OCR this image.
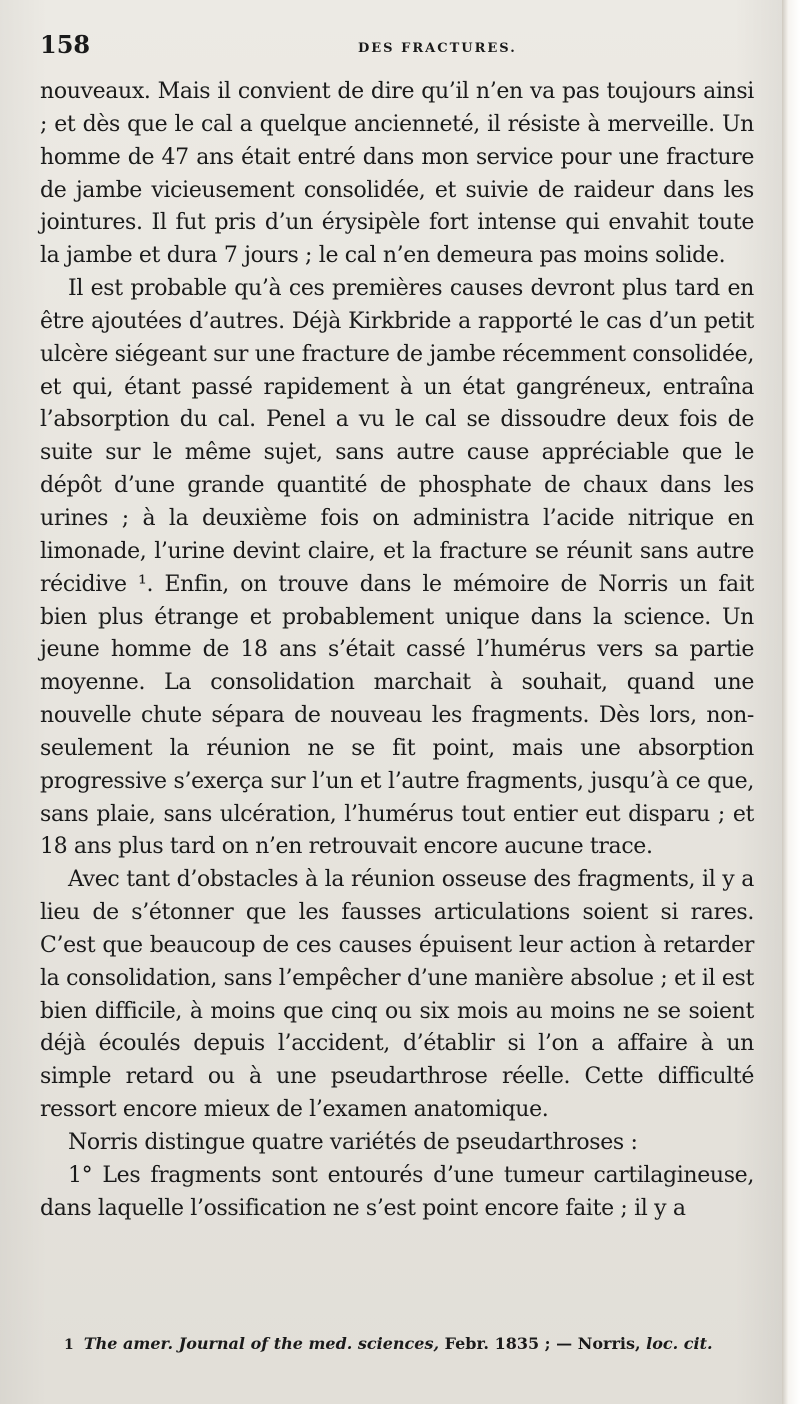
158	DES FRACTURES.

nouveaux. Mais il convient de dire qu’il n’en va pas toujours ainsi ; et dès que le cal a quelque ancienneté, il résiste à merveille. Un homme de 47 ans était entré dans mon service pour une fracture de jambe vicieusement consolidée, et suivie de raideur dans les jointures. Il fut pris d’un érysipèle fort intense qui envahit toute la jambe et dura 7 jours ; le cal n’en demeura pas moins solide.

Il est probable qu’à ces premières causes devront plus tard en être ajoutées d’autres. Déjà Kirkbride a rapporté le cas d’un petit ulcère siégeant sur une fracture de jambe récemment consolidée, et qui, étant passé rapidement à un état gangréneux, entraîna l’absorption du cal. Penel a vu le cal se dissoudre deux fois de suite sur le même sujet, sans autre cause appréciable que le dépôt d’une grande quantité de phosphate de chaux dans les urines ; à la deuxième fois on administra l’acide nitrique en limonade, l’urine devint claire, et la fracture se réunit sans autre récidive ¹. Enfin, on trouve dans le mémoire de Norris un fait bien plus étrange et probablement unique dans la science. Un jeune homme de 18 ans s’était cassé l’humérus vers sa partie moyenne. La consolidation marchait à souhait, quand une nouvelle chute sépara de nouveau les fragments. Dès lors, non-seulement la réunion ne se fit point, mais une absorption progressive s’exerça sur l’un et l’autre fragments, jusqu’à ce que, sans plaie, sans ulcération, l’humérus tout entier eut disparu ; et 18 ans plus tard on n’en retrouvait encore aucune trace.

Avec tant d’obstacles à la réunion osseuse des fragments, il y a lieu de s’étonner que les fausses articulations soient si rares. C’est que beaucoup de ces causes épuisent leur action à retarder la consolidation, sans l’empêcher d’une manière absolue ; et il est bien difficile, à moins que cinq ou six mois au moins ne se soient déjà écoulés depuis l’accident, d’établir si l’on a affaire à un simple retard ou à une pseudarthrose réelle. Cette difficulté ressort encore mieux de l’examen anatomique.

Norris distingue quatre variétés de pseudarthroses :

1° Les fragments sont entourés d’une tumeur cartilagineuse, dans laquelle l’ossification ne s’est point encore faite ; il y a

1 The amer. Journal of the med. sciences, Febr. 1835 ; — Norris, loc. cit.
